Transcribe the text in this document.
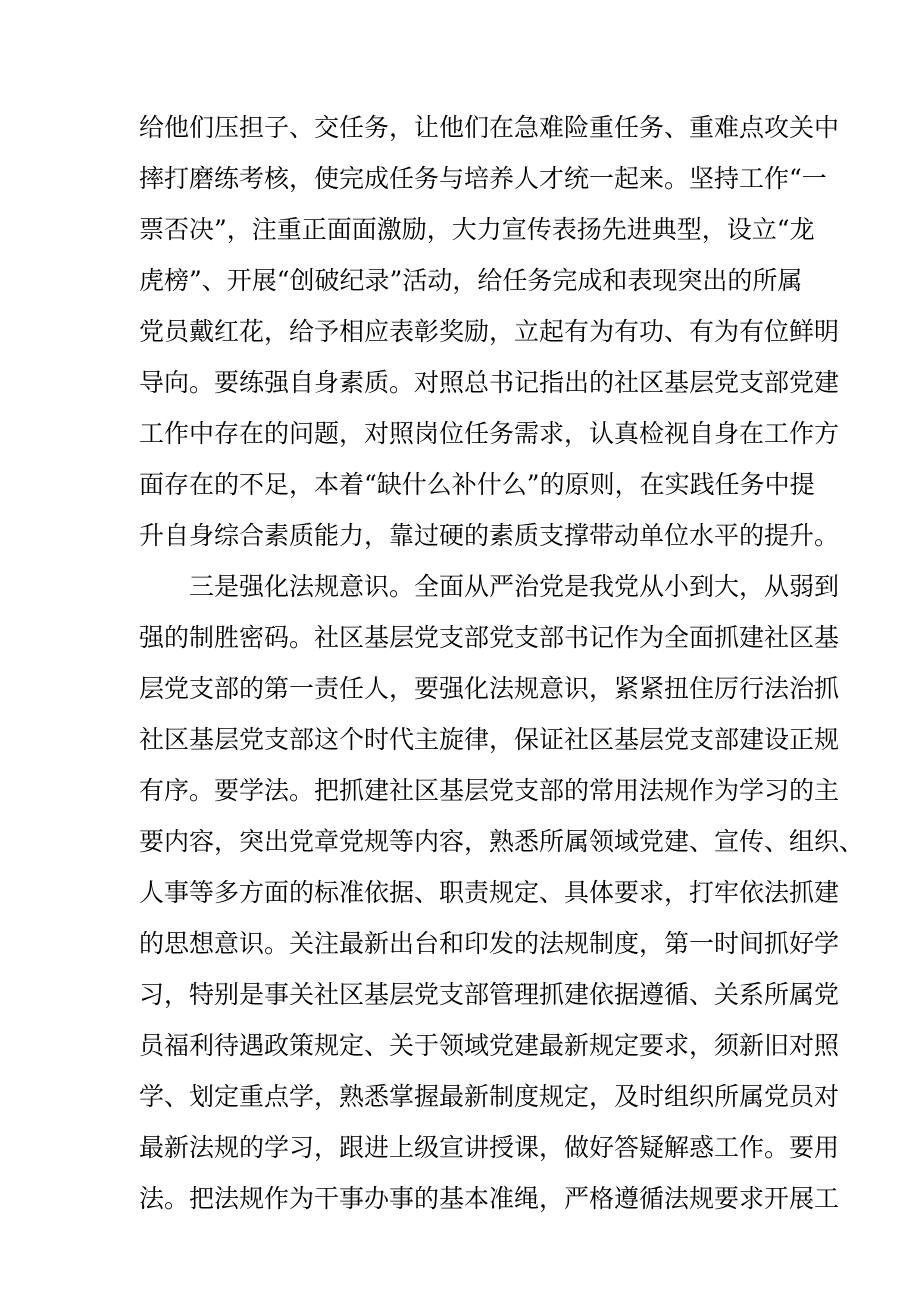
给他们压担子、交任务，让他们在急难险重任务、重难点攻关中
摔打磨练考核，使完成任务与培养人才统一起来。坚持工作“一
票否决”，注重正面面激励，大力宣传表扬先进典型，设立“龙
虎榜”、开展“创破纪录”活动，给任务完成和表现突出的所属
党员戴红花，给予相应表彰奖励，立起有为有功、有为有位鲜明
导向。要练强自身素质。对照总书记指出的社区基层党支部党建
工作中存在的问题，对照岗位任务需求，认真检视自身在工作方
面存在的不足，本着“缺什么补什么”的原则，在实践任务中提
升自身综合素质能力，靠过硬的素质支撑带动单位水平的提升。
三是强化法规意识。全面从严治党是我党从小到大，从弱到
强的制胜密码。社区基层党支部党支部书记作为全面抓建社区基
层党支部的第一责任人，要强化法规意识，紧紧扭住厉行法治抓
社区基层党支部这个时代主旋律，保证社区基层党支部建设正规
有序。要学法。把抓建社区基层党支部的常用法规作为学习的主
要内容，突出党章党规等内容，熟悉所属领域党建、宣传、组织、
人事等多方面的标准依据、职责规定、具体要求，打牢依法抓建
的思想意识。关注最新出台和印发的法规制度，第一时间抓好学
习，特别是事关社区基层党支部管理抓建依据遵循、关系所属党
员福利待遇政策规定、关于领域党建最新规定要求，须新旧对照
学、划定重点学，熟悉掌握最新制度规定，及时组织所属党员对
最新法规的学习，跟进上级宣讲授课，做好答疑解惑工作。要用
法。把法规作为干事办事的基本准绳，严格遵循法规要求开展工
